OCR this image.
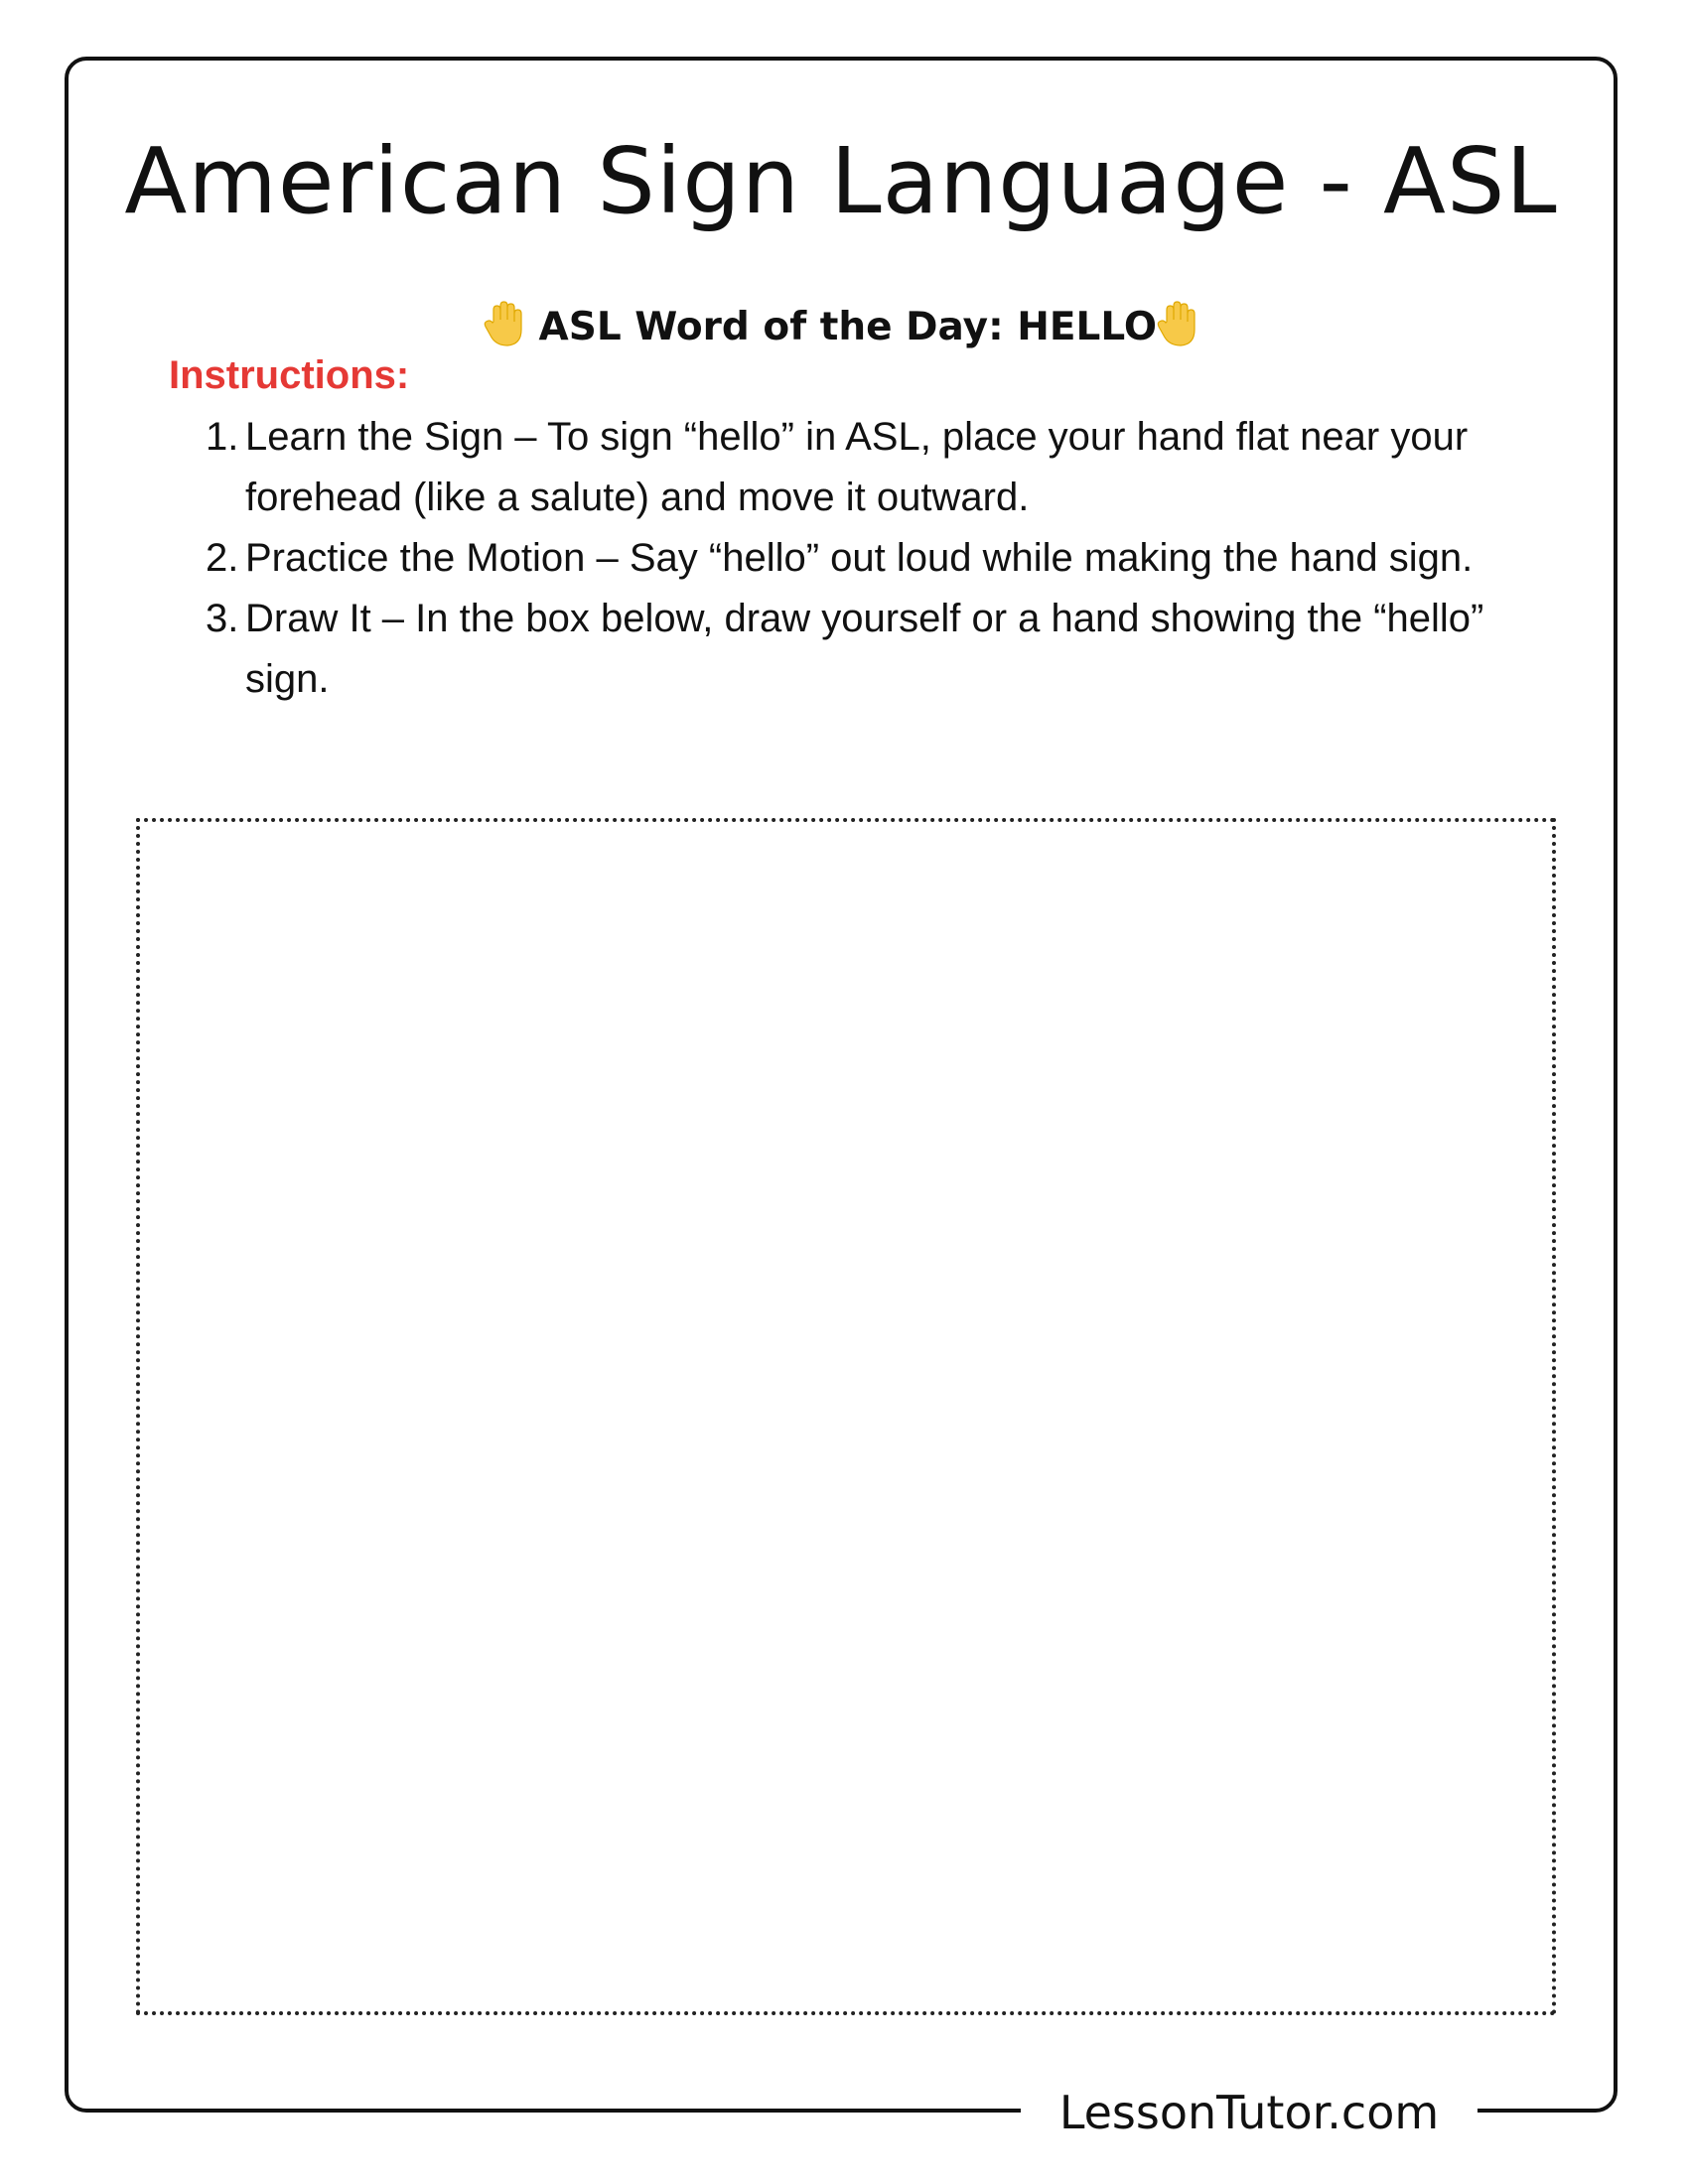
American Sign Language - ASL
ASL Word of the Day: HELLO
Instructions:
1. Learn the Sign – To sign “hello” in ASL, place your hand flat near your forehead (like a salute) and move it outward.
2. Practice the Motion – Say “hello” out loud while making the hand sign.
3. Draw It – In the box below, draw yourself or a hand showing the “hello” sign.
LessonTutor.com
